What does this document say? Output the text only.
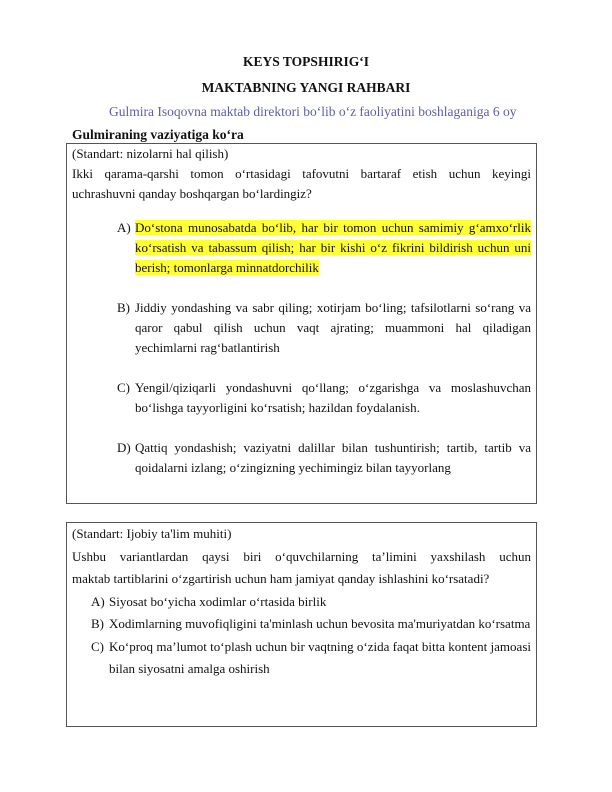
KEYS TOPSHIRIG‘I
MAKTABNING YANGI RAHBARI
Gulmira Isoqovna maktab direktori bo‘lib o‘z faoliyatini boshlaganiga 6 oy
Gulmiraning vaziyatiga ko‘ra
(Standart: nizolarni hal qilish)
Ikki qarama-qarshi tomon o‘rtasidagi tafovutni bartaraf etish uchun keyingi
uchrashuvni qanday boshqargan bo‘lardingiz?
A) Do‘stona munosabatda bo‘lib, har bir tomon uchun samimiy g‘amxo‘rlik ko‘rsatish va tabassum qilish; har bir kishi o‘z fikrini bildirish uchun uni berish; tomonlarga minnatdorchilik
B) Jiddiy yondashing va sabr qiling; xotirjam bo‘ling; tafsilotlarni so‘rang va qaror qabul qilish uchun vaqt ajrating; muammoni hal qiladigan yechimlarni rag‘batlantirish
C) Yengil/qiziqarli yondashuvni qo‘llang; o‘zgarishga va moslashuvchan bo‘lishga tayyorligini ko‘rsatish; hazildan foydalanish.
D) Qattiq yondashish; vaziyatni dalillar bilan tushuntirish; tartib, tartib va qoidalarni izlang; o‘zingizning yechimingiz bilan tayyorlang
(Standart: Ijobiy ta'lim muhiti)
Ushbu variantlardan qaysi biri o‘quvchilarning ta’limini yaxshilash uchun
maktab tartiblarini o‘zgartirish uchun ham jamiyat qanday ishlashini ko‘rsatadi?
A) Siyosat bo‘yicha xodimlar o‘rtasida birlik
B) Xodimlarning muvofiqligini ta'minlash uchun bevosita ma'muriyatdan ko‘rsatma
C) Ko‘proq ma’lumot to‘plash uchun bir vaqtning o‘zida faqat bitta kontent jamoasi bilan siyosatni amalga oshirish
